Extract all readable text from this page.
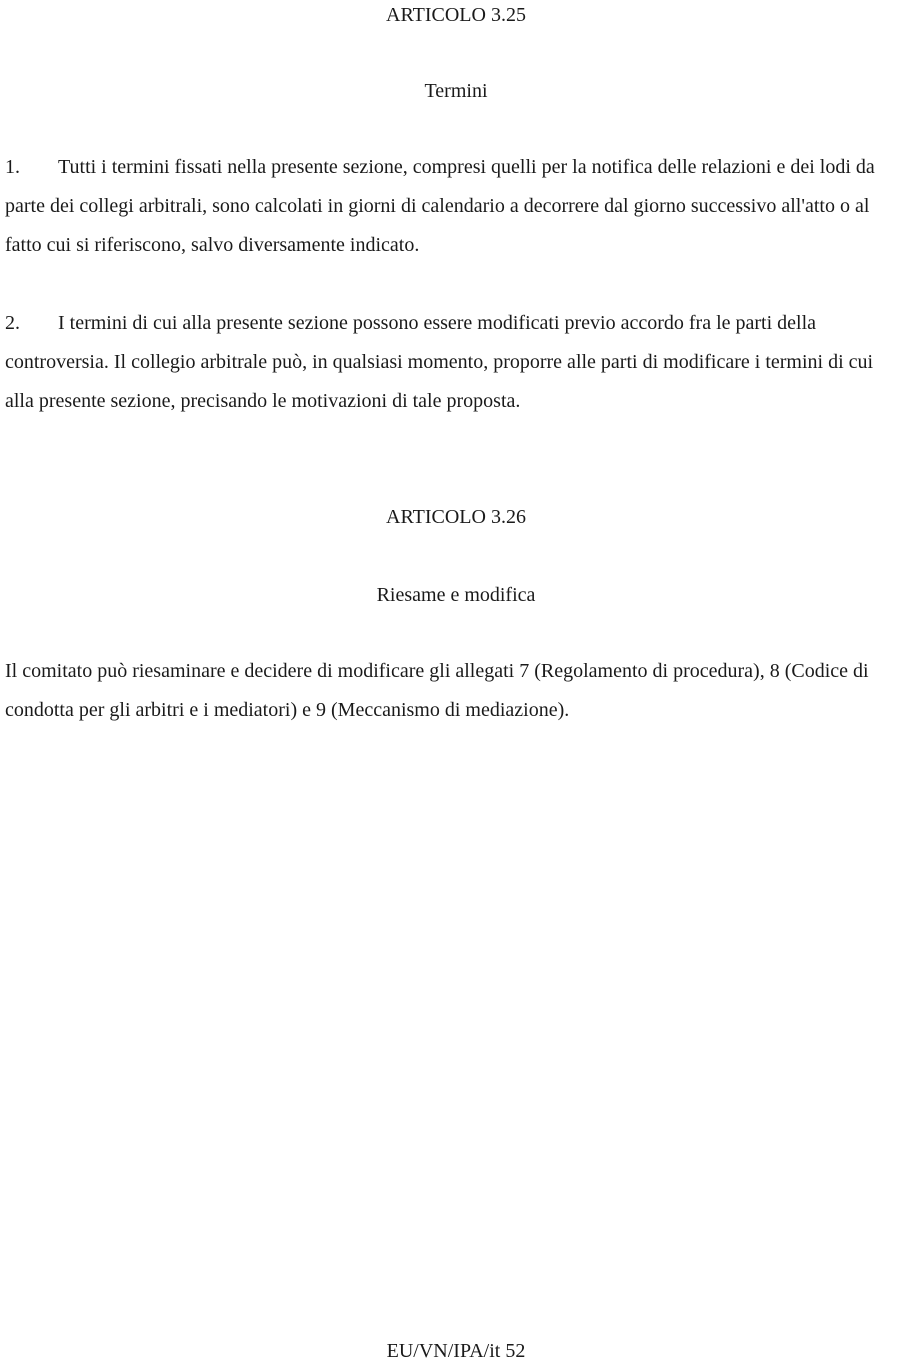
ARTICOLO 3.25
Termini

1. Tutti i termini fissati nella presente sezione, compresi quelli per la notifica delle relazioni e dei lodi da parte dei collegi arbitrali, sono calcolati in giorni di calendario a decorrere dal giorno successivo all'atto o al fatto cui si riferiscono, salvo diversamente indicato.

2. I termini di cui alla presente sezione possono essere modificati previo accordo fra le parti della controversia. Il collegio arbitrale può, in qualsiasi momento, proporre alle parti di modificare i termini di cui alla presente sezione, precisando le motivazioni di tale proposta.

ARTICOLO 3.26
Riesame e modifica

Il comitato può riesaminare e decidere di modificare gli allegati 7 (Regolamento di procedura), 8 (Codice di condotta per gli arbitri e i mediatori) e 9 (Meccanismo di mediazione).

EU/VN/IPA/it 52
